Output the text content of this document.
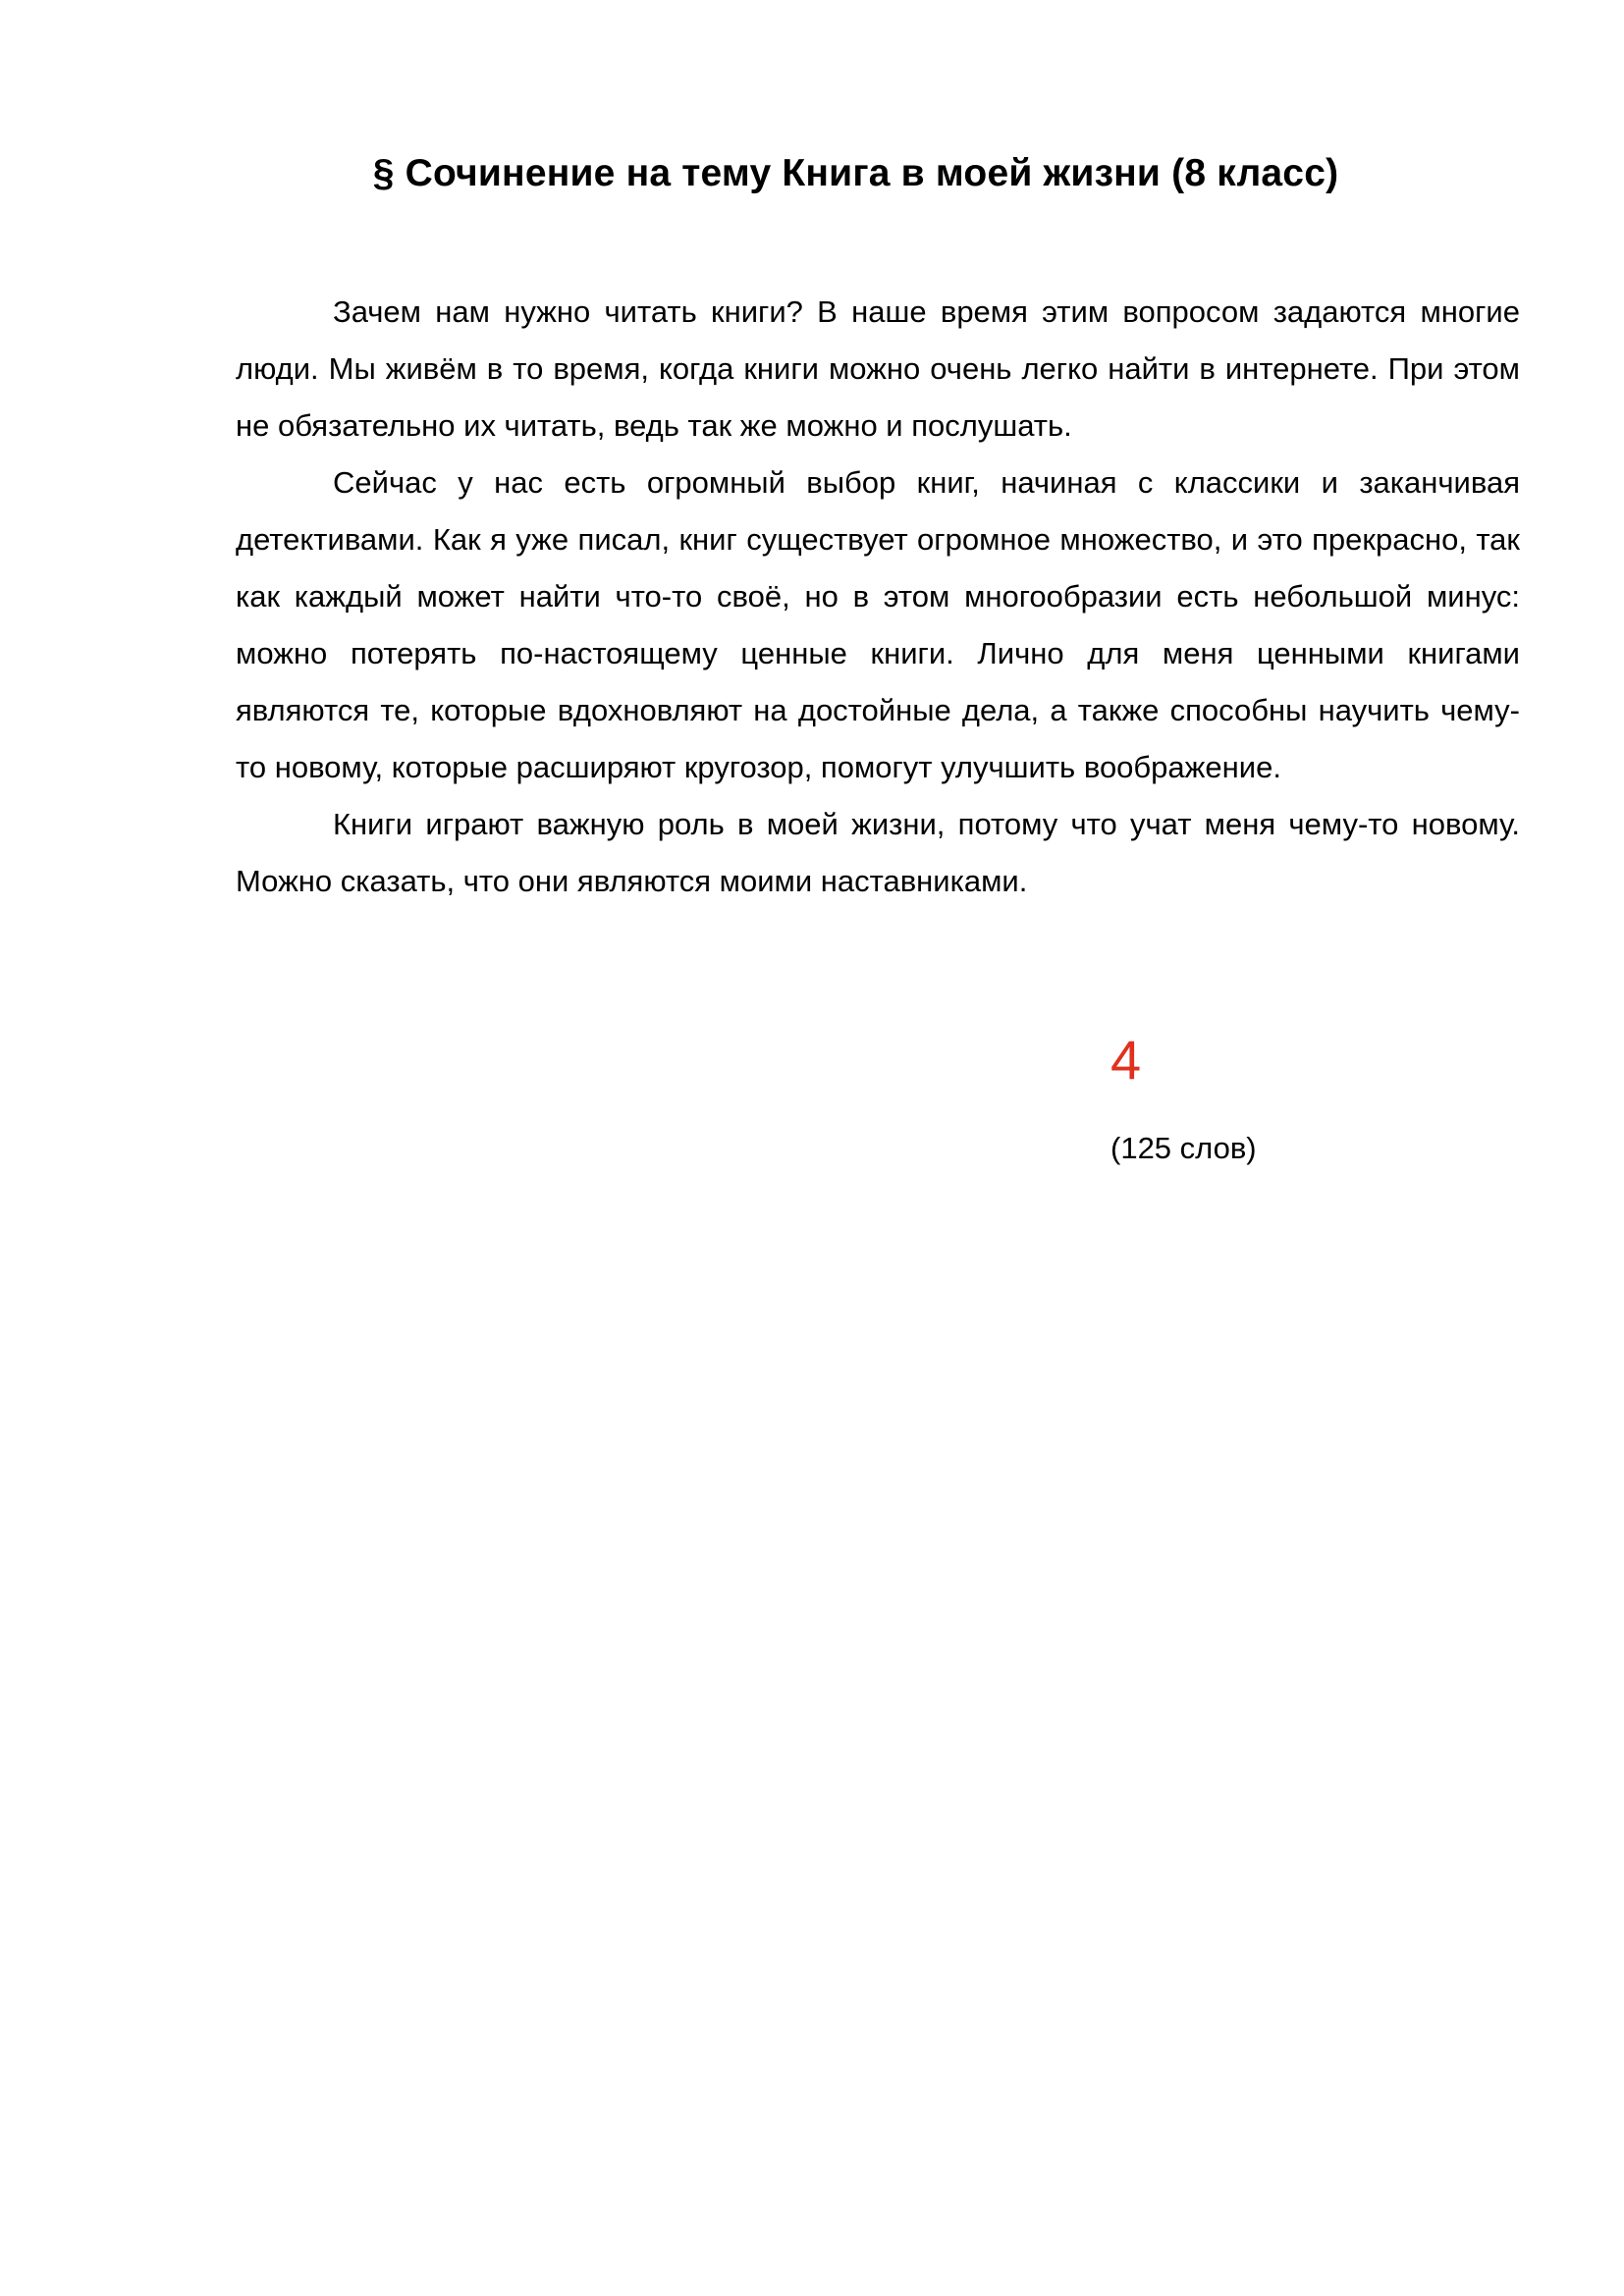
§ Сочинение на тему Книга в моей жизни (8 класс)

Зачем нам нужно читать книги? В наше время этим вопросом задаются многие люди. Мы живём в то время, когда книги можно очень легко найти в интернете. При этом не обязательно их читать, ведь так же можно и послушать.

Сейчас у нас есть огромный выбор книг, начиная с классики и заканчивая детективами. Как я уже писал, книг существует огромное множество, и это прекрасно, так как каждый может найти что-то своё, но в этом многообразии есть небольшой минус: можно потерять по-настоящему ценные книги. Лично для меня ценными книгами являются те, которые вдохновляют на достойные дела, а также способны научить чему-то новому, которые расширяют кругозор, помогут улучшить воображение.

Книги играют важную роль в моей жизни, потому что учат меня чему-то новому. Можно сказать, что они являются моими наставниками.

4
(125 слов)
